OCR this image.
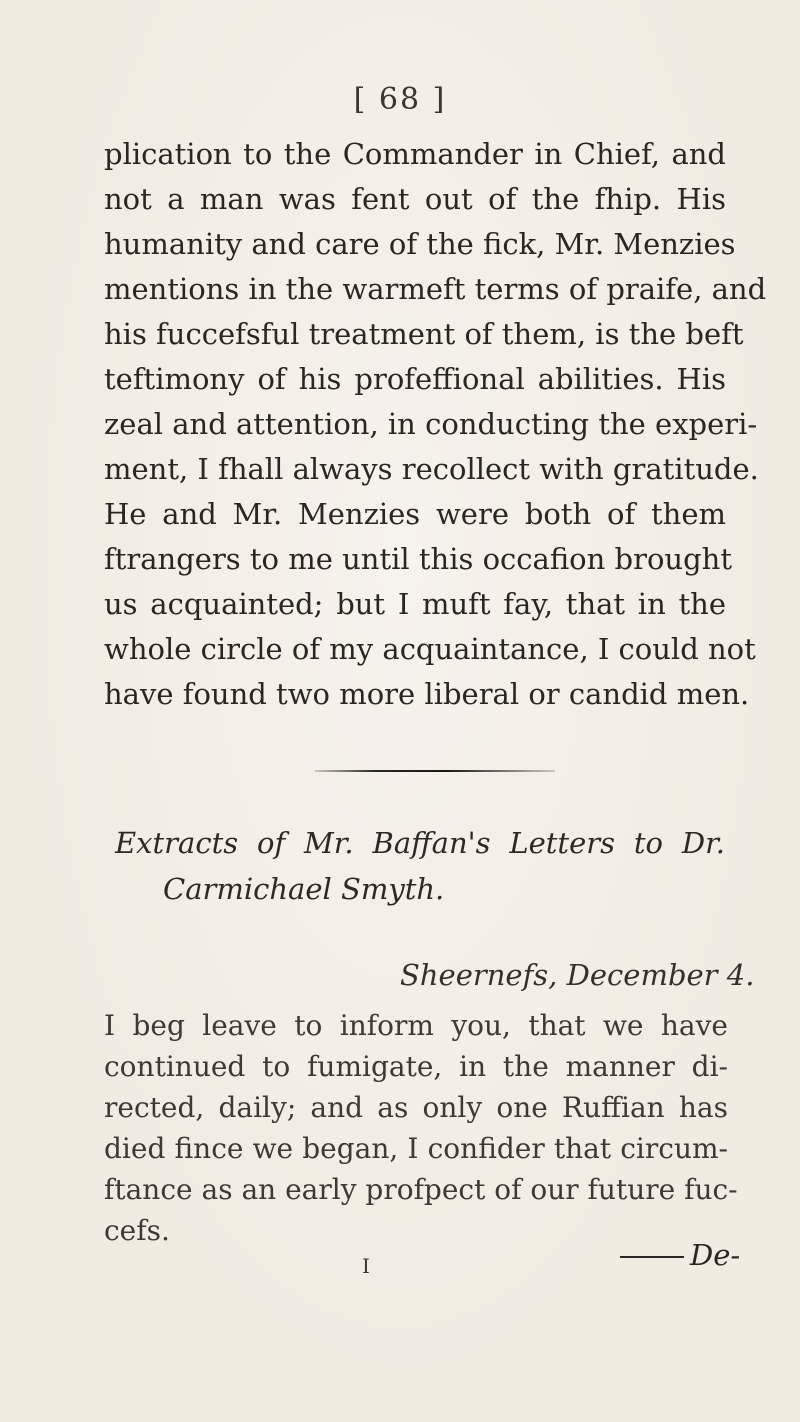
[ 68 ]
plication to the Commander in Chief, and
not a man was fent out of the fhip. His
humanity and care of the fick, Mr. Menzies
mentions in the warmeft terms of praife, and
his fuccefsful treatment of them, is the beft
teftimony of his profeffional abilities. His
zeal and attention, in conducting the experi-
ment, I fhall always recollect with gratitude.
He and Mr. Menzies were both of them
ftrangers to me until this occafion brought
us acquainted; but I muft fay, that in the
whole circle of my acquaintance, I could not
have found two more liberal or candid men.
Extracts of Mr. Baffan's Letters to Dr.
Carmichael Smyth.
Sheernefs, December 4.
I beg leave to inform you, that we have
continued to fumigate, in the manner di-
rected, daily; and as only one Ruffian has
died fince we began, I confider that circum-
ftance as an early profpect of our future fuc-
cefs.
I	De-
